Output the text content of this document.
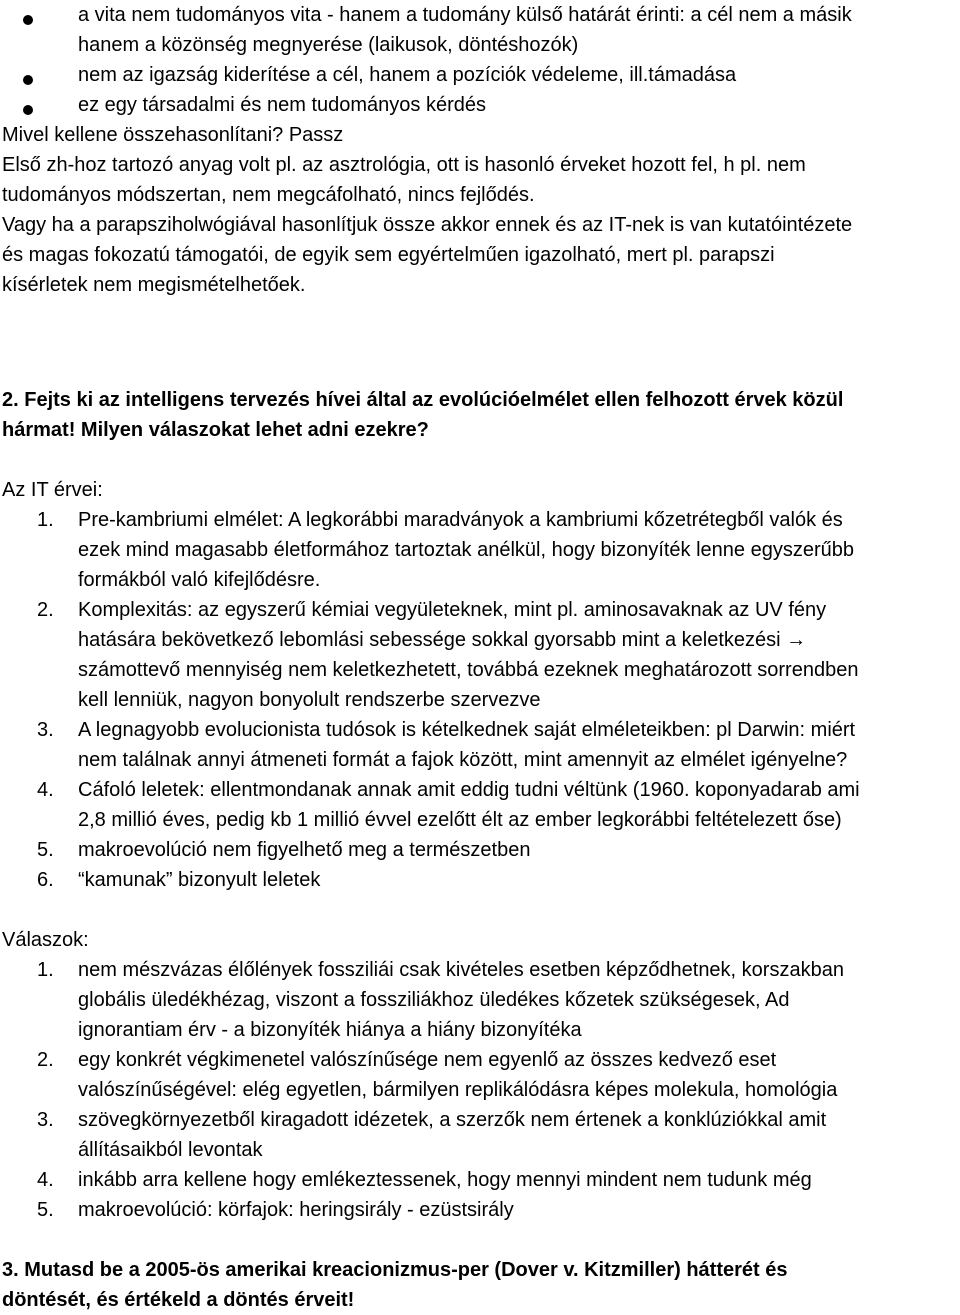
a vita nem tudományos vita - hanem a tudomány külső határát érinti: a cél nem a másik
hanem a közönség megnyerése (laikusok, döntéshozók)
nem az igazság kiderítése a cél, hanem a pozíciók védeleme, ill.támadása
ez egy társadalmi és nem tudományos kérdés
Mivel kellene összehasonlítani? Passz
Első zh-hoz tartozó anyag volt pl. az asztrológia, ott is hasonló érveket hozott fel, h pl. nem
tudományos módszertan, nem megcáfolható, nincs fejlődés.
Vagy ha a parapsziholwógiával hasonlítjuk össze akkor ennek és az IT-nek is van kutatóintézete
és magas fokozatú támogatói, de egyik sem egyértelműen igazolható, mert pl. parapszi
kísérletek nem megismételhetőek.
2. Fejts ki az intelligens tervezés hívei által az evolúcióelmélet ellen felhozott érvek közül
hármat! Milyen válaszokat lehet adni ezekre?
Az IT érvei:
1. Pre-kambriumi elmélet: A legkorábbi maradványok a kambriumi kőzetrétegből valók és
ezek mind magasabb életformához tartoztak anélkül, hogy bizonyíték lenne egyszerűbb
formákból való kifejlődésre.
2. Komplexitás: az egyszerű kémiai vegyületeknek, mint pl. aminosavaknak az UV fény
hatására bekövetkező lebomlási sebessége sokkal gyorsabb mint a keletkezési →
számottevő mennyiség nem keletkezhetett, továbbá ezeknek meghatározott sorrendben
kell lenniük, nagyon bonyolult rendszerbe szervezve
3. A legnagyobb evolucionista tudósok is kételkednek saját elméleteikben: pl Darwin: miért
nem találnak annyi átmeneti formát a fajok között, mint amennyit az elmélet igényelne?
4. Cáfoló leletek: ellentmondanak annak amit eddig tudni véltünk (1960. koponyadarab ami
2,8 millió éves, pedig kb 1 millió évvel ezelőtt élt az ember legkorábbi feltételezett őse)
5. makroevolúció nem figyelhető meg a természetben
6. “kamunak” bizonyult leletek
Válaszok:
1. nem mészvázas élőlények fossziliái csak kivételes esetben képződhetnek, korszakban
globális üledékhézag, viszont a fossziliákhoz üledékes kőzetek szükségesek, Ad
ignorantiam érv - a bizonyíték hiánya a hiány bizonyítéka
2. egy konkrét végkimenetel valószínűsége nem egyenlő az összes kedvező eset
valószínűségével: elég egyetlen, bármilyen replikálódásra képes molekula, homológia
3. szövegkörnyezetből kiragadott idézetek, a szerzők nem értenek a konklúziókkal amit
állításaikból levontak
4. inkább arra kellene hogy emlékeztessenek, hogy mennyi mindent nem tudunk még
5. makroevolúció: körfajok: heringsirály - ezüstsirály
3. Mutasd be a 2005-ös amerikai kreacionizmus-per (Dover v. Kitzmiller) hátterét és
döntését, és értékeld a döntés érveit!
